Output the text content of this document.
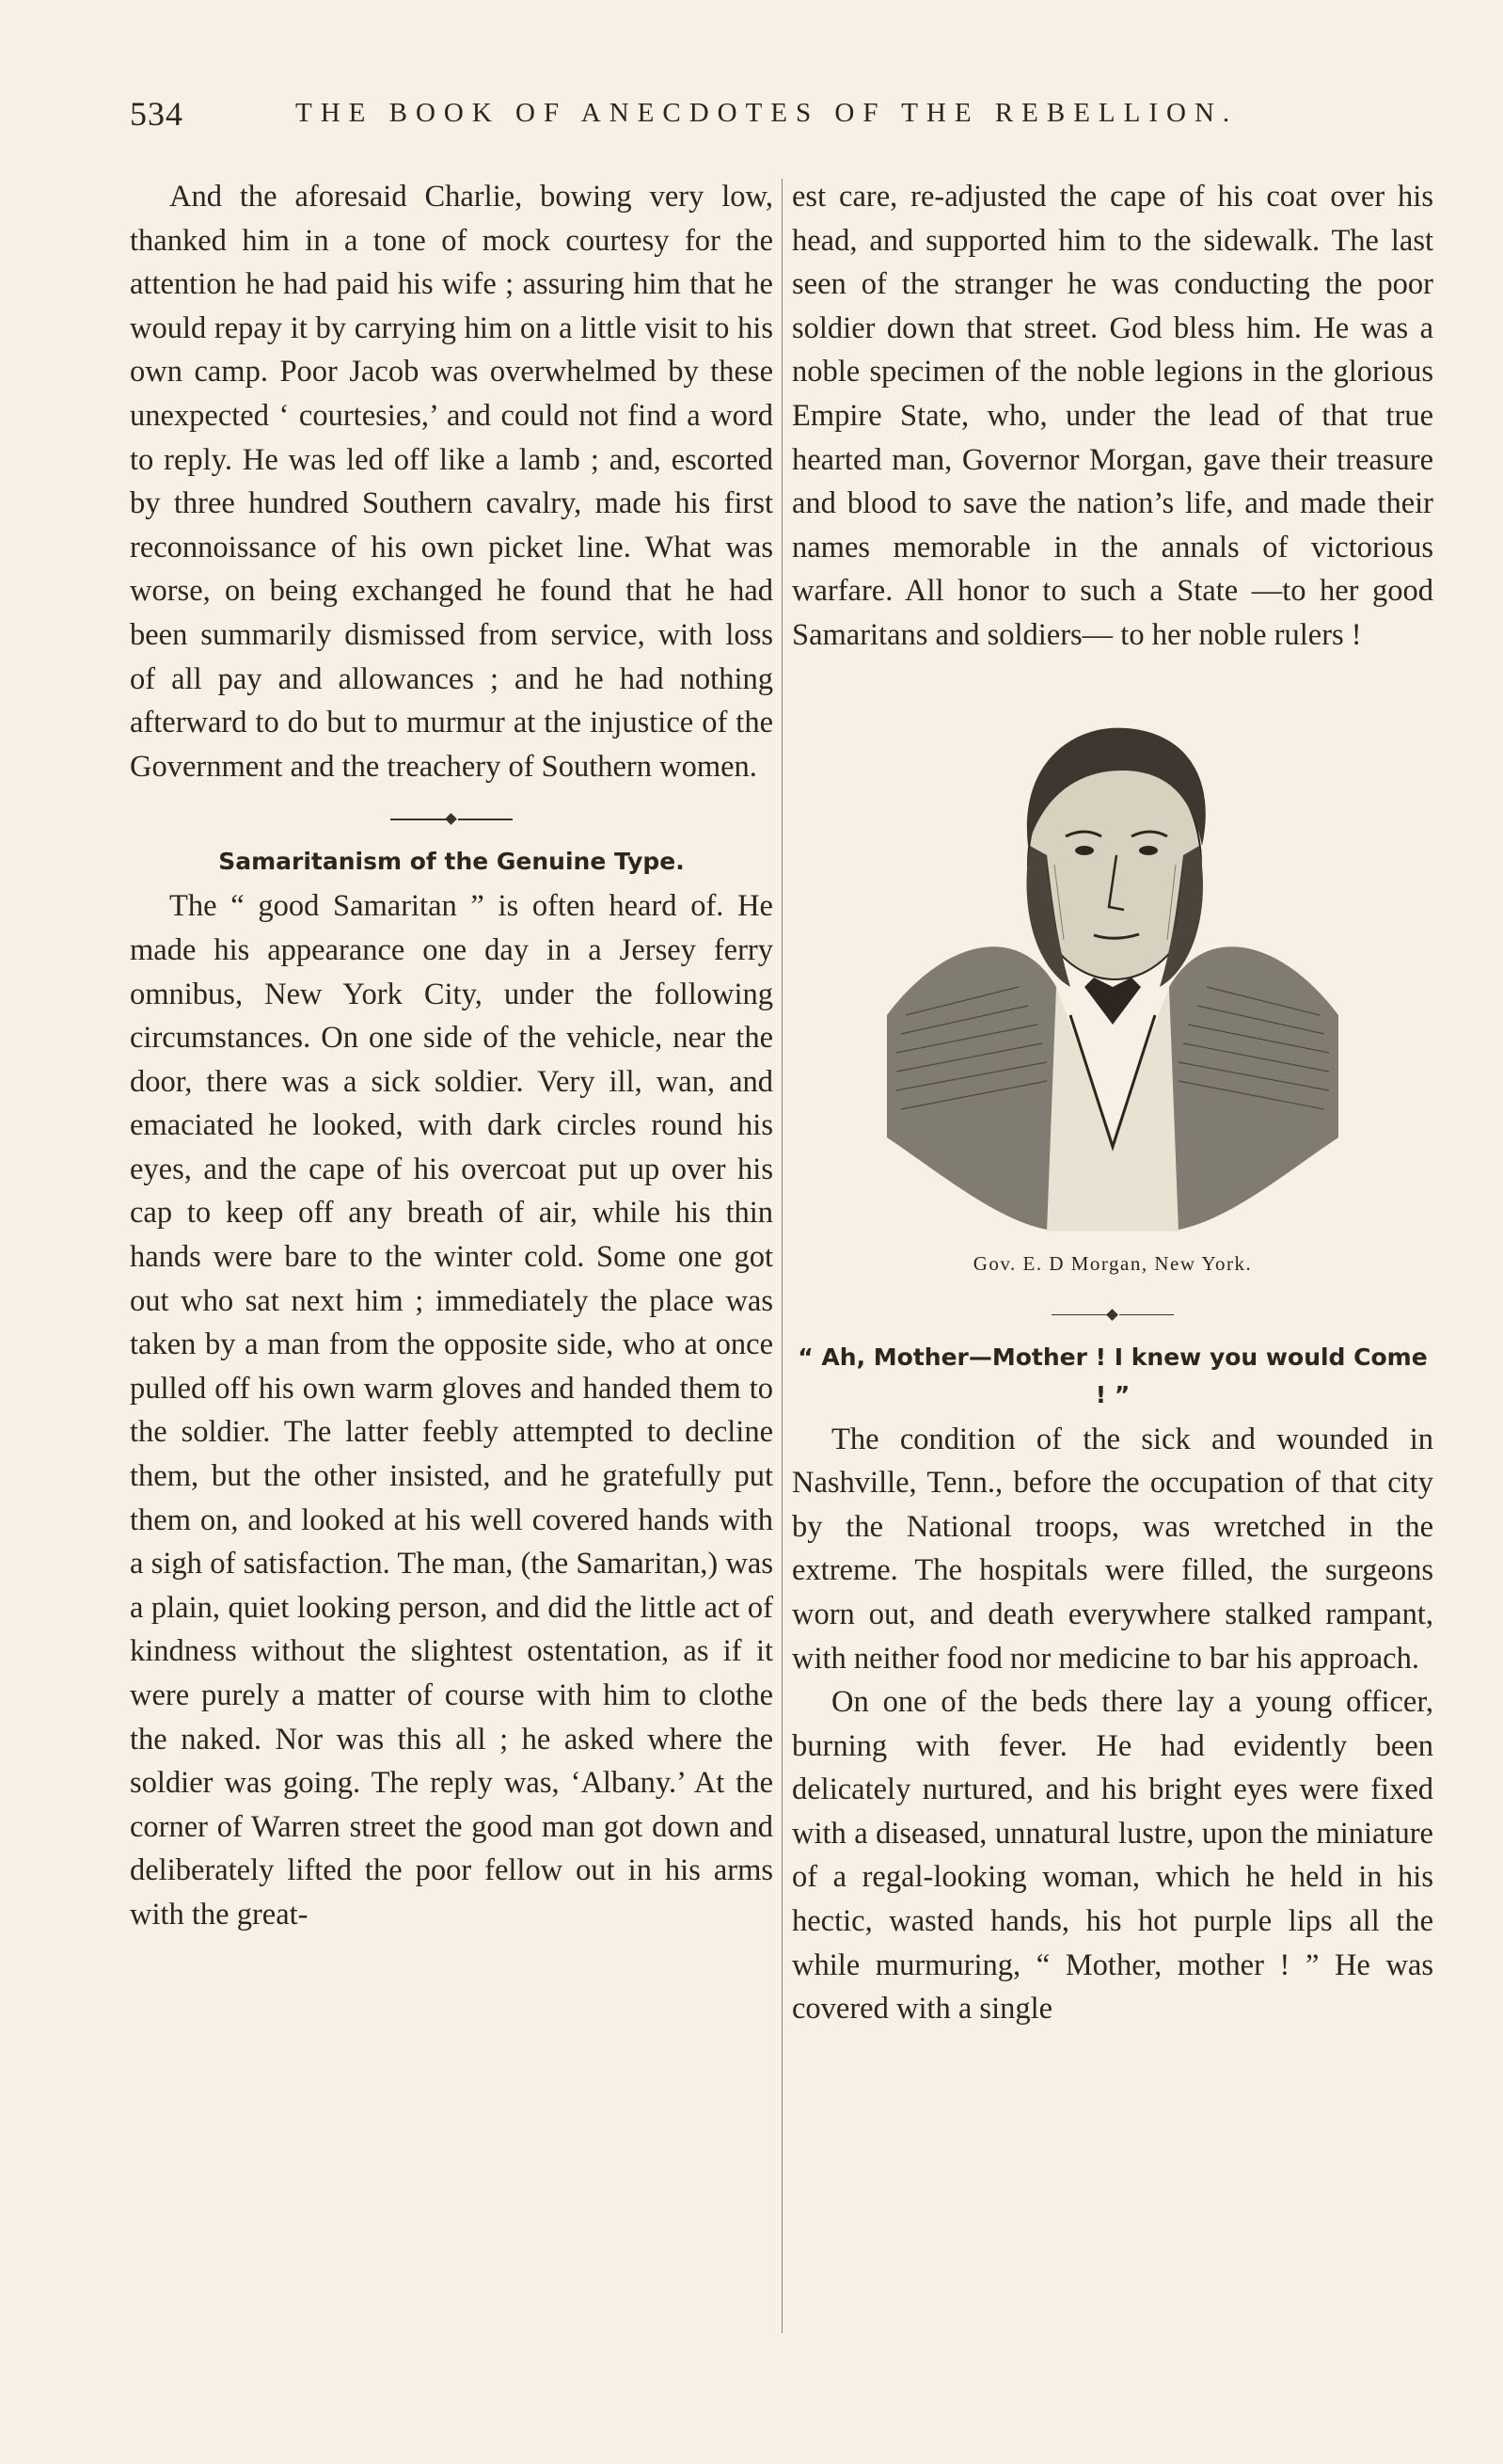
534	THE BOOK OF ANECDOTES OF THE REBELLION.

And the aforesaid Charlie, bowing very low, thanked him in a tone of mock courtesy for the attention he had paid his wife ; assuring him that he would repay it by carrying him on a little visit to his own camp. Poor Jacob was overwhelmed by these unexpected ‘ courtesies,’ and could not find a word to reply. He was led off like a lamb ; and, escorted by three hundred Southern cavalry, made his first reconnoissance of his own picket line. What was worse, on being exchanged he found that he had been summarily dismissed from service, with loss of all pay and allowances ; and he had nothing afterward to do but to murmur at the injustice of the Government and the treachery of Southern women.

Samaritanism of the Genuine Type.

The “ good Samaritan ” is often heard of. He made his appearance one day in a Jersey ferry omnibus, New York City, under the following circumstances. On one side of the vehicle, near the door, there was a sick soldier. Very ill, wan, and emaciated he looked, with dark circles round his eyes, and the cape of his overcoat put up over his cap to keep off any breath of air, while his thin hands were bare to the winter cold. Some one got out who sat next him ; immediately the place was taken by a man from the opposite side, who at once pulled off his own warm gloves and handed them to the soldier. The latter feebly attempted to decline them, but the other insisted, and he gratefully put them on, and looked at his well covered hands with a sigh of satisfaction. The man, (the Samaritan,) was a plain, quiet looking person, and did the little act of kindness without the slightest ostentation, as if it were purely a matter of course with him to clothe the naked. Nor was this all ; he asked where the soldier was going. The reply was, ‘Albany.’ At the corner of Warren street the good man got down and deliberately lifted the poor fellow out in his arms with the great-

est care, re-adjusted the cape of his coat over his head, and supported him to the sidewalk. The last seen of the stranger he was conducting the poor soldier down that street. God bless him. He was a noble specimen of the noble legions in the glorious Empire State, who, under the lead of that true hearted man, Governor Morgan, gave their treasure and blood to save the nation’s life, and made their names memorable in the annals of victorious warfare. All honor to such a State —to her good Samaritans and soldiers— to her noble rulers !

Gov. E. D Morgan, New York.
“ Ah, Mother—Mother ! I knew you would Come ! ”

The condition of the sick and wounded in Nashville, Tenn., before the occupation of that city by the National troops, was wretched in the extreme. The hospitals were filled, the surgeons worn out, and death everywhere stalked rampant, with neither food nor medicine to bar his approach.

On one of the beds there lay a young officer, burning with fever. He had evidently been delicately nurtured, and his bright eyes were fixed with a diseased, unnatural lustre, upon the miniature of a regal-looking woman, which he held in his hectic, wasted hands, his hot purple lips all the while murmuring, “ Mother, mother ! ” He was covered with a single
